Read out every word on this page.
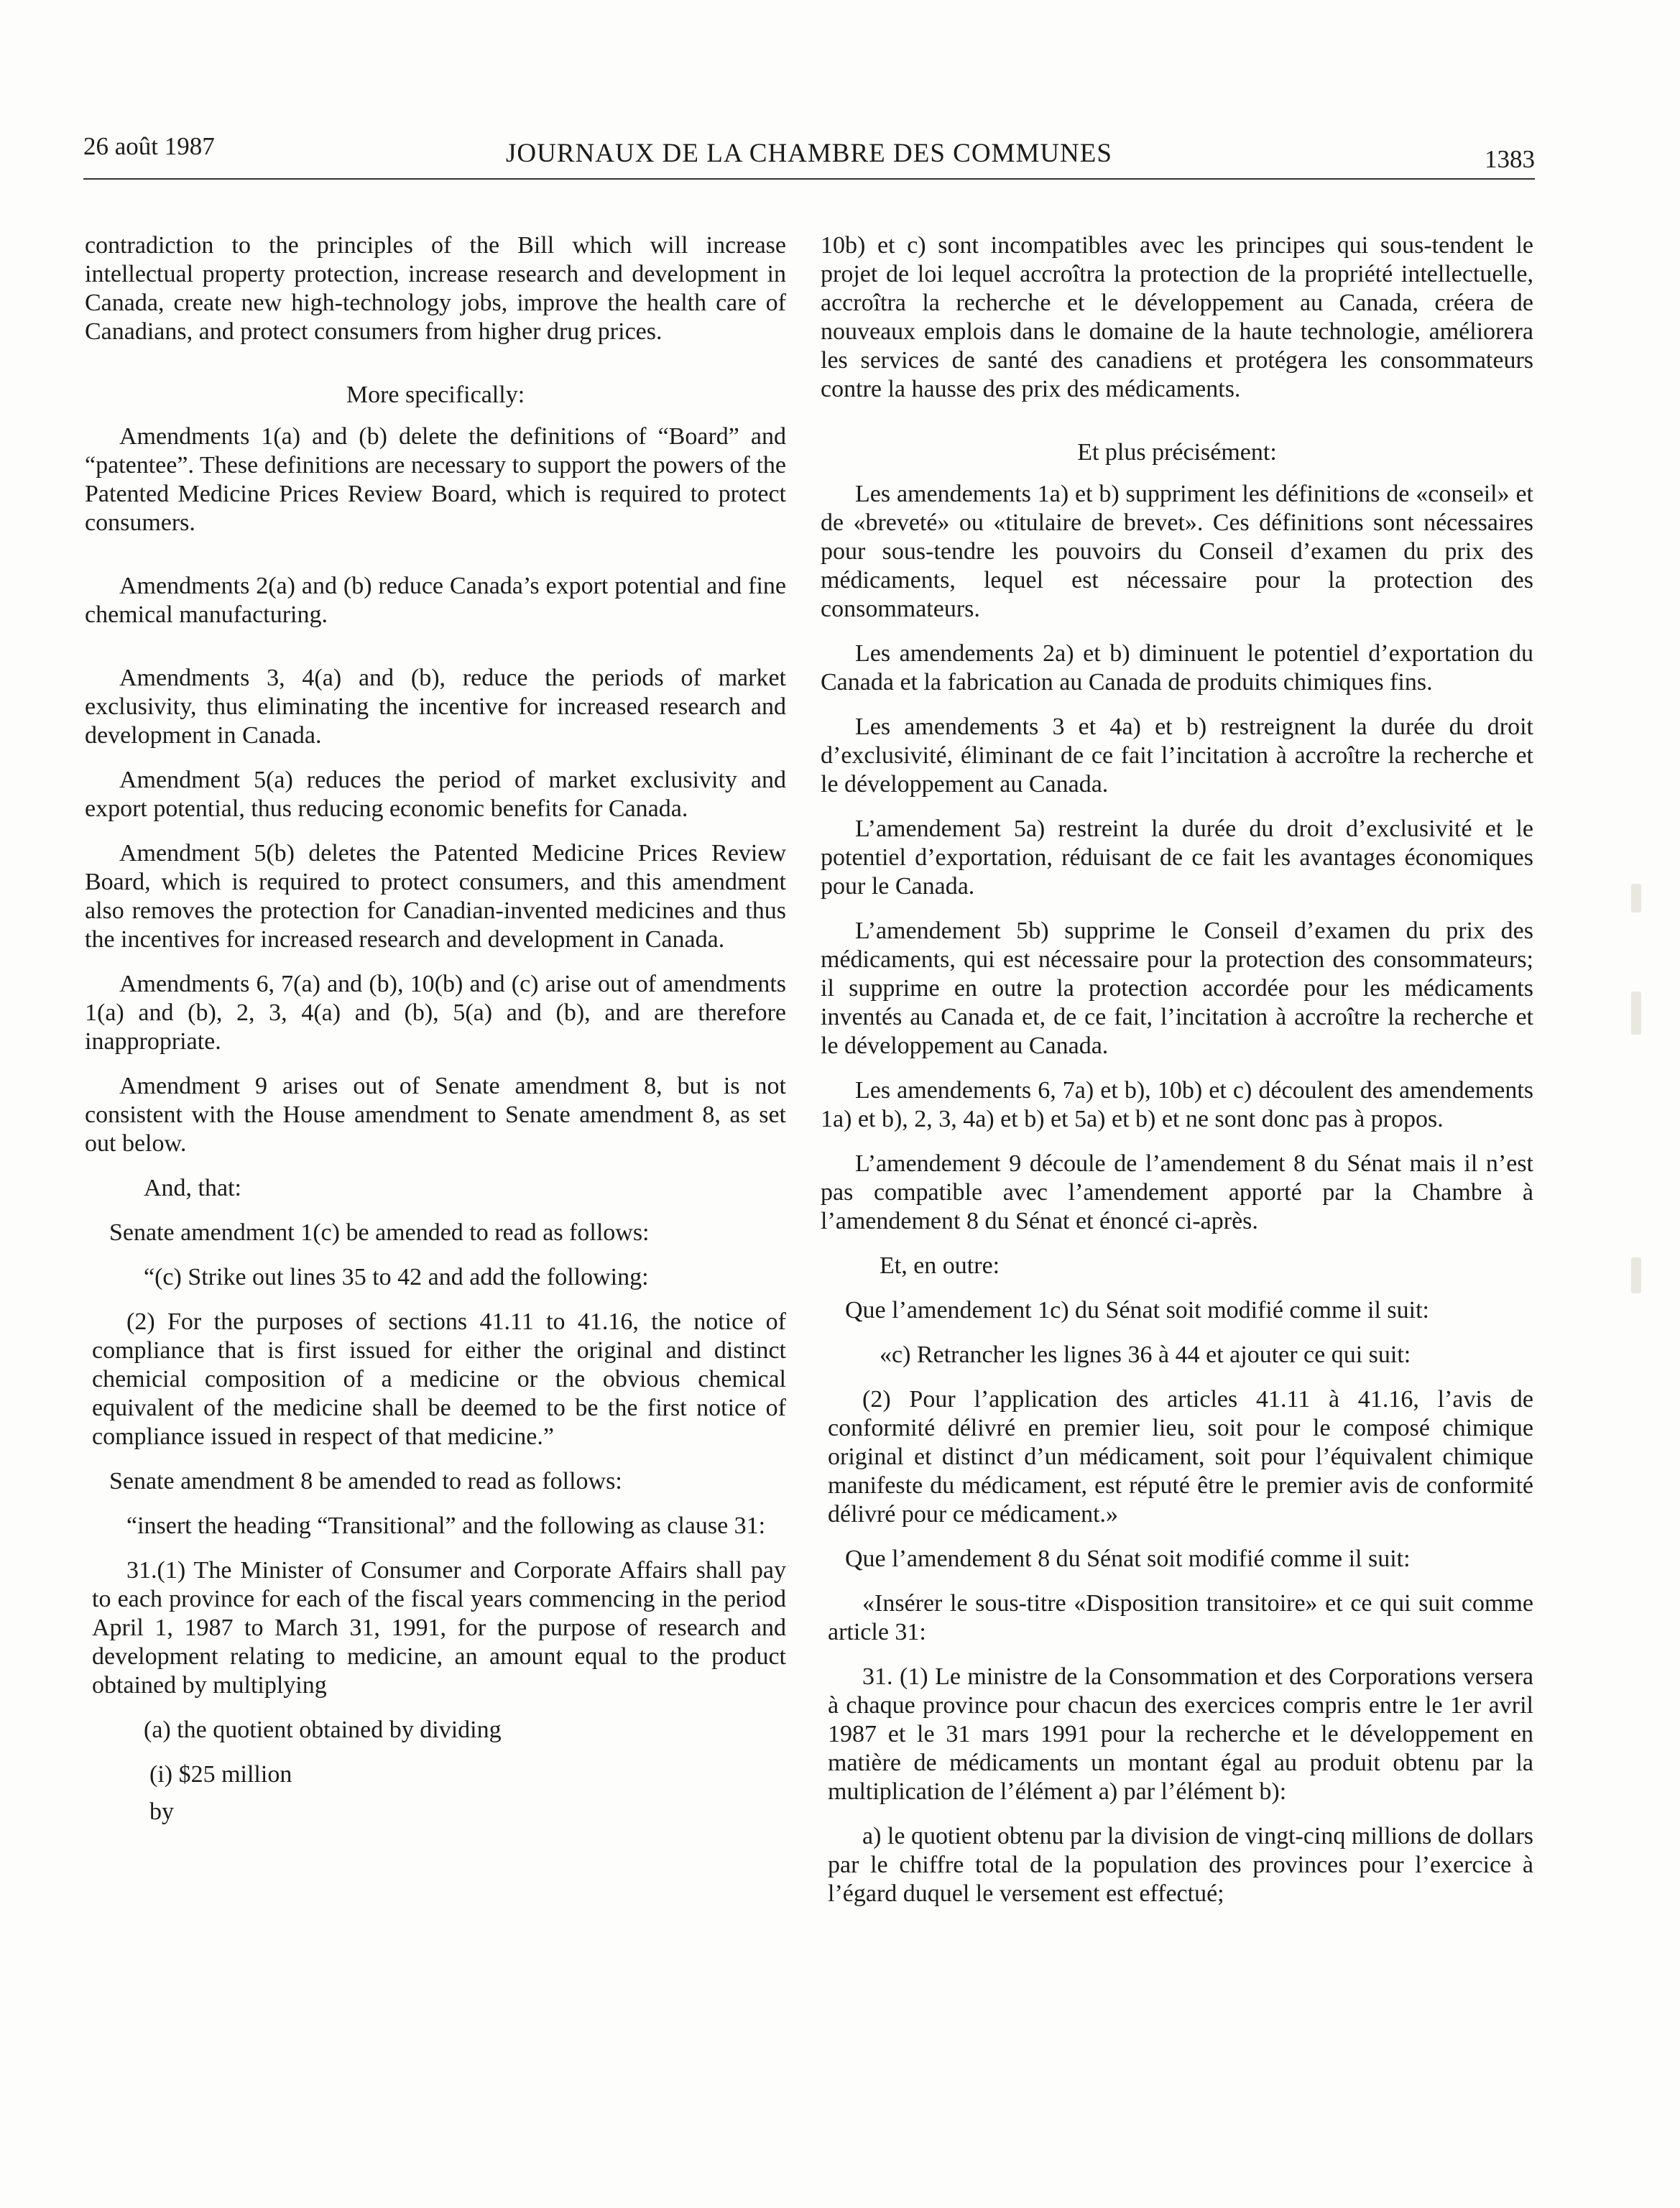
26 août 1987	JOURNAUX DE LA CHAMBRE DES COMMUNES	1383

contradiction to the principles of the Bill which will increase intellectual property protection, increase research and development in Canada, create new high-technology jobs, improve the health care of Canadians, and protect consumers from higher drug prices.

More specifically:

Amendments 1(a) and (b) delete the definitions of “Board” and “patentee”. These definitions are necessary to support the powers of the Patented Medicine Prices Review Board, which is required to protect consumers.

Amendments 2(a) and (b) reduce Canada’s export potential and fine chemical manufacturing.

Amendments 3, 4(a) and (b), reduce the periods of market exclusivity, thus eliminating the incentive for increased research and development in Canada.

Amendment 5(a) reduces the period of market exclusivity and export potential, thus reducing economic benefits for Canada.

Amendment 5(b) deletes the Patented Medicine Prices Review Board, which is required to protect consumers, and this amendment also removes the protection for Canadian-invented medicines and thus the incentives for increased research and development in Canada.

Amendments 6, 7(a) and (b), 10(b) and (c) arise out of amendments 1(a) and (b), 2, 3, 4(a) and (b), 5(a) and (b), and are therefore inappropriate.

Amendment 9 arises out of Senate amendment 8, but is not consistent with the House amendment to Senate amendment 8, as set out below.

And, that:

Senate amendment 1(c) be amended to read as follows:

“(c) Strike out lines 35 to 42 and add the following:

(2) For the purposes of sections 41.11 to 41.16, the notice of compliance that is first issued for either the original and distinct chemicial composition of a medicine or the obvious chemical equivalent of the medicine shall be deemed to be the first notice of compliance issued in respect of that medicine.”

Senate amendment 8 be amended to read as follows:

“insert the heading “Transitional” and the following as clause 31:

31.(1) The Minister of Consumer and Corporate Affairs shall pay to each province for each of the fiscal years commencing in the period April 1, 1987 to March 31, 1991, for the purpose of research and development relating to medicine, an amount equal to the product obtained by multiplying

(a) the quotient obtained by dividing

(i) $25 million

by

10b) et c) sont incompatibles avec les principes qui sous-tendent le projet de loi lequel accroîtra la protection de la propriété intellectuelle, accroîtra la recherche et le développement au Canada, créera de nouveaux emplois dans le domaine de la haute technologie, améliorera les services de santé des canadiens et protégera les consommateurs contre la hausse des prix des médicaments.

Et plus précisément:

Les amendements 1a) et b) suppriment les définitions de «conseil» et de «breveté» ou «titulaire de brevet». Ces définitions sont nécessaires pour sous-tendre les pouvoirs du Conseil d’examen du prix des médicaments, lequel est nécessaire pour la protection des consommateurs.

Les amendements 2a) et b) diminuent le potentiel d’exportation du Canada et la fabrication au Canada de produits chimiques fins.

Les amendements 3 et 4a) et b) restreignent la durée du droit d’exclusivité, éliminant de ce fait l’incitation à accroître la recherche et le développement au Canada.

L’amendement 5a) restreint la durée du droit d’exclusivité et le potentiel d’exportation, réduisant de ce fait les avantages économiques pour le Canada.

L’amendement 5b) supprime le Conseil d’examen du prix des médicaments, qui est nécessaire pour la protection des consommateurs; il supprime en outre la protection accordée pour les médicaments inventés au Canada et, de ce fait, l’incitation à accroître la recherche et le développement au Canada.

Les amendements 6, 7a) et b), 10b) et c) découlent des amendements 1a) et b), 2, 3, 4a) et b) et 5a) et b) et ne sont donc pas à propos.

L’amendement 9 découle de l’amendement 8 du Sénat mais il n’est pas compatible avec l’amendement apporté par la Chambre à l’amendement 8 du Sénat et énoncé ci-après.

Et, en outre:

Que l’amendement 1c) du Sénat soit modifié comme il suit:

«c) Retrancher les lignes 36 à 44 et ajouter ce qui suit:

(2) Pour l’application des articles 41.11 à 41.16, l’avis de conformité délivré en premier lieu, soit pour le composé chimique original et distinct d’un médicament, soit pour l’équivalent chimique manifeste du médicament, est réputé être le premier avis de conformité délivré pour ce médicament.»

Que l’amendement 8 du Sénat soit modifié comme il suit:

«Insérer le sous-titre «Disposition transitoire» et ce qui suit comme article 31:

31. (1) Le ministre de la Consommation et des Corporations versera à chaque province pour chacun des exercices compris entre le 1er avril 1987 et le 31 mars 1991 pour la recherche et le développement en matière de médicaments un montant égal au produit obtenu par la multiplication de l’élément a) par l’élément b):

a) le quotient obtenu par la division de vingt-cinq millions de dollars par le chiffre total de la population des provinces pour l’exercice à l’égard duquel le versement est effectué;
